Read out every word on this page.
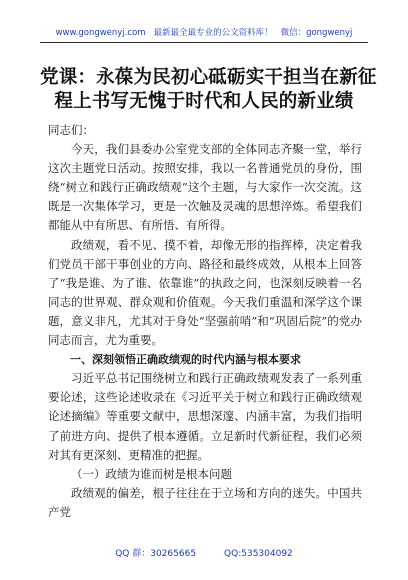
www.gongwenyj.com 最新最全最专业的公文资料库！ 微信：gongwenyj
党课：永葆为民初心砥砺实干担当在新征
程上书写无愧于时代和人民的新业绩

同志们：

今天，我们县委办公室党支部的全体同志齐聚一堂，举行这次主题党日活动。按照安排，我以一名普通党员的身份，围绕“树立和践行正确政绩观”这个主题，与大家作一次交流。这既是一次集体学习，更是一次触及灵魂的思想淬炼。希望我们都能从中有所思、有所悟、有所得。

政绩观，看不见、摸不着，却像无形的指挥棒，决定着我们党员干部干事创业的方向、路径和最终成效，从根本上回答了“我是谁、为了谁、依靠谁”的执政之问，也深刻反映着一名同志的世界观、群众观和价值观。今天我们重温和深学这个课题，意义非凡，尤其对于身处“坚强前哨”和“巩固后院”的党办同志而言，尤为重要。

一、深刻领悟正确政绩观的时代内涵与根本要求

习近平总书记围绕树立和践行正确政绩观发表了一系列重要论述，这些论述收录在《习近平关于树立和践行正确政绩观论述摘编》等重要文献中，思想深邃、内涵丰富，为我们指明了前进方向、提供了根本遵循。立足新时代新征程，我们必须对其有更深刻、更精准的把握。

（一）政绩为谁而树是根本问题

政绩观的偏差，根子往往在于立场和方向的迷失。中国共产党

QQ 群：30265665	QQ:535304092
